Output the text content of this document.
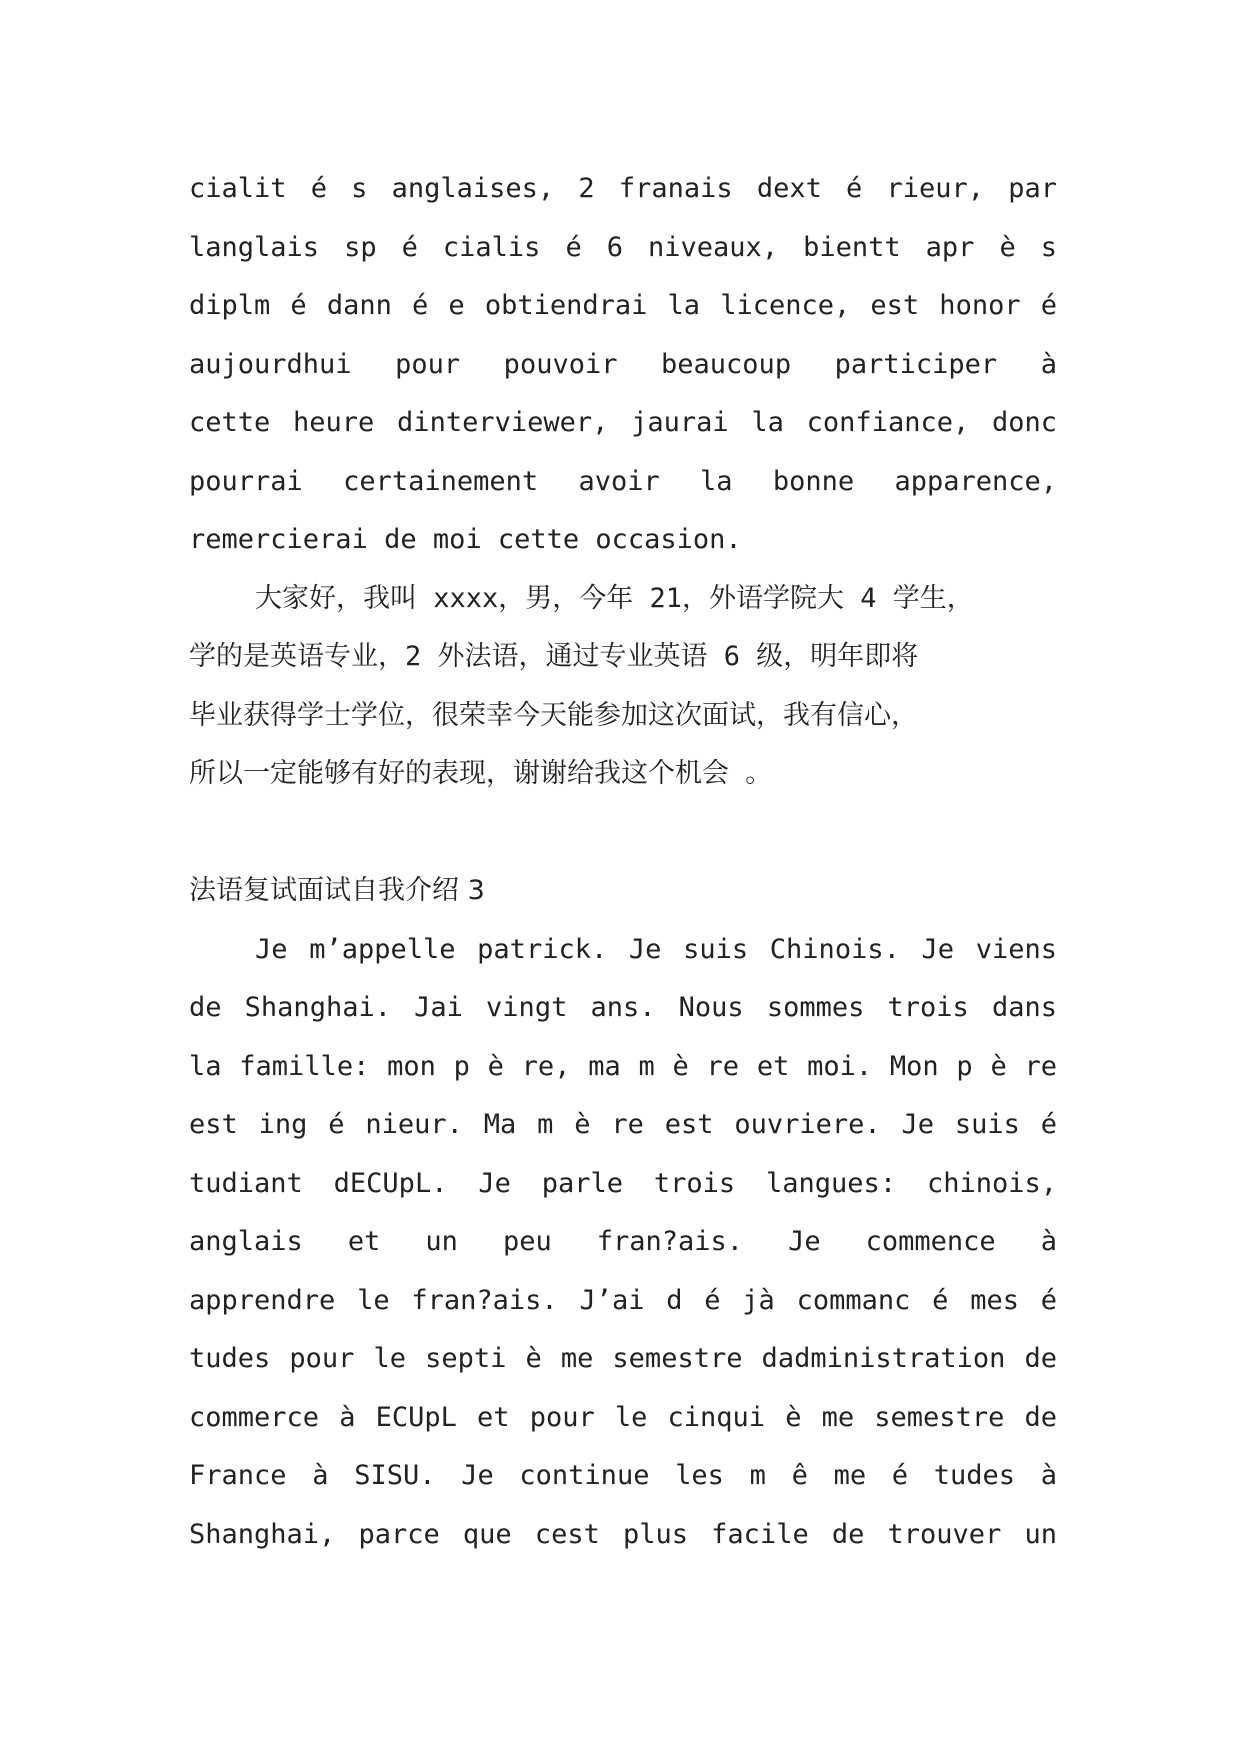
cialit é s anglaises, 2 franais dext é rieur, par
langlais sp é cialis é 6 niveaux, bientt apr è s
diplm é dann é e obtiendrai la licence, est honor é
aujourdhui pour pouvoir beaucoup participer à
cette heure dinterviewer, jaurai la confiance, donc
pourrai certainement avoir la bonne apparence,
remercierai de moi cette occasion.
大家好，我叫 xxxx，男，今年 21，外语学院大 4 学生，
学的是英语专业，2 外法语，通过专业英语 6 级，明年即将
毕业获得学士学位，很荣幸今天能参加这次面试，我有信心，
所以一定能够有好的表现，谢谢给我这个机会 。
法语复试面试自我介绍 3
Je m’appelle patrick. Je suis Chinois. Je viens
de Shanghai. Jai vingt ans. Nous sommes trois dans
la famille: mon p è re, ma m è re et moi. Mon p è re
est ing é nieur. Ma m è re est ouvriere. Je suis é
tudiant dECUpL. Je parle trois langues: chinois,
anglais et un peu fran?ais. Je commence à
apprendre le fran?ais. J’ai d é jà commanc é mes é
tudes pour le septi è me semestre dadministration de
commerce à ECUpL et pour le cinqui è me semestre de
France à SISU. Je continue les m ê me é tudes à
Shanghai, parce que cest plus facile de trouver un
